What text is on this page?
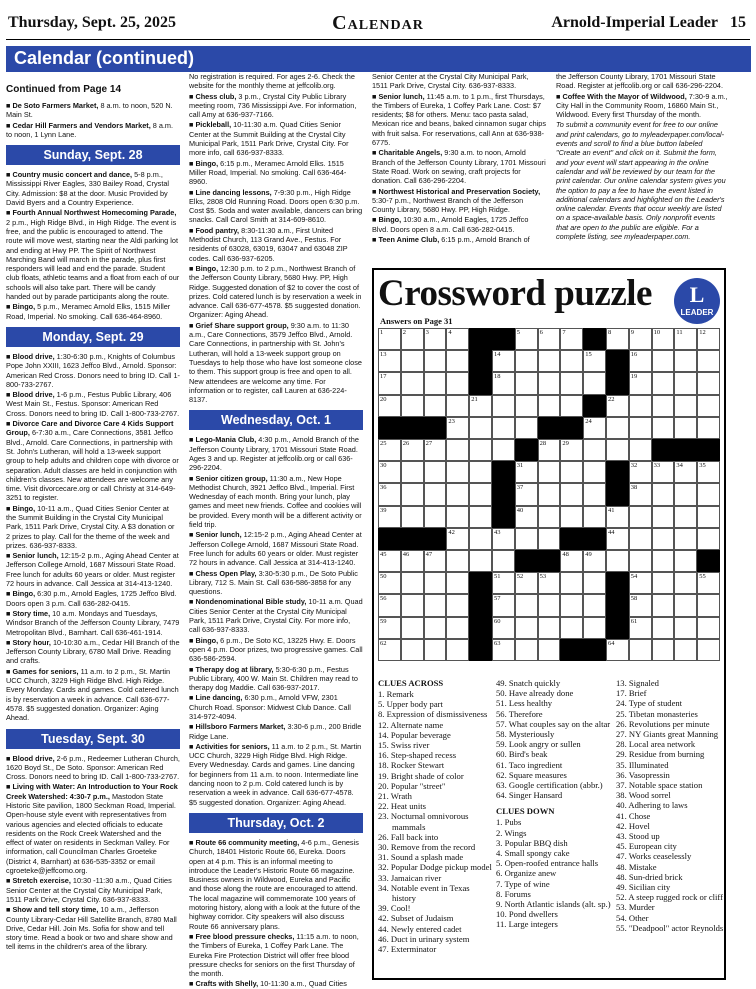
Thursday, Sept. 25, 2025	Calendar	Arnold-Imperial Leader 15
Calendar (continued)
Continued from Page 14

■ De Soto Farmers Market, 8 a.m. to noon, 520 N. Main St.

■ Cedar Hill Farmers and Vendors Market, 8 a.m. to noon, 1 Lynn Lane.

Sunday, Sept. 28

■ Country music concert and dance, 5-8 p.m., Mississippi River Eagles, 330 Bailey Road, Crystal City. Admission: $8 at the door. Music Provided by David Byers and a Country Experience.

■ Fourth Annual Northwest Homecoming Parade, 2 p.m., High Ridge Blvd., in High Ridge. The event is free, and the public is encouraged to attend. The route will move west, starting near the Aldi parking lot and ending at Hwy PP. The Spirit of Northwest Marching Band will march in the parade, plus first responders will lead and end the parade. Student club floats, athletic teams and a float from each of our schools will also take part. There will be candy handed out by parade participants along the route.

■ Bingo, 5 p.m., Meramec Arnold Elks, 1515 Miller Road, Imperial. No smoking. Call 636-464-8960.

Monday, Sept. 29

■ Blood drive, 1:30-6:30 p.m., Knights of Columbus Pope John XXIII, 1623 Jeffco Blvd., Arnold. Sponsor: American Red Cross. Donors need to bring ID. Call 1-800-733-2767.

■ Blood drive, 1-6 p.m., Festus Public Library, 406 West Main St., Festus. Sponsor: American Red Cross. Donors need to bring ID. Call 1-800-733-2767.

■ Divorce Care and Divorce Care 4 Kids Support Group, 6-7:30 a.m., Care Connections, 3581 Jeffco Blvd., Arnold. Care Connections, in partnership with St. John's Lutheran, will hold a 13-week support group to help adults and children cope with divorce or separation. Adult classes are held in conjunction with children's classes. New attendees are welcome any time. Visit divorcecare.org or call Christy at 314-649-3251 to register.

■ Bingo, 10-11 a.m., Quad Cities Senior Center at the Summit Building in the Crystal City Municipal Park, 1511 Park Drive, Crystal City. A $3 donation or 2 prizes to play. Call for the theme of the week and prizes. 636-937-8333.

■ Senior lunch, 12:15-2 p.m., Aging Ahead Center at Jefferson College Arnold, 1687 Missouri State Road. Free lunch for adults 60 years or older. Must register 72 hours in advance. Call Jessica at 314-413-1240.

■ Bingo, 6:30 p.m., Arnold Eagles, 1725 Jeffco Blvd. Doors open 3 p.m. Call 636-282-0415.

■ Story time, 10 a.m. Mondays and Tuesdays, Windsor Branch of the Jefferson County Library, 7479 Metropolitan Blvd., Barnhart. Call 636-461-1914.

■ Story hour, 10-10:30 a.m., Cedar Hill Branch of the Jefferson County Library, 6780 Mall Drive. Reading and crafts.

■ Games for seniors, 11 a.m. to 2 p.m., St. Martin UCC Church, 3229 High Ridge Blvd. High Ridge. Every Monday. Cards and games. Cold catered lunch is by reservation a week in advance. Call 636-677-4578. $5 suggested donation. Organizer: Aging Ahead.

Tuesday, Sept. 30

■ Blood drive, 2-6 p.m., Redeemer Lutheran Church, 1620 Boyd St., De Soto. Sponsor: American Red Cross. Donors need to bring ID. Call 1-800-733-2767.

■ Living with Water: An Introduction to Your Rock Creek Watershed: 4:30-7 p.m., Mastodon State Historic Site pavilion, 1800 Seckman Road, Imperial. Open-house style event with representatives from various agencies and elected officials to educate residents on the Rock Creek Watershed and the effect of water on residents in Seckman Valley. For information, call Councilman Charles Groeteke (District 4, Barnhart) at 636-535-3352 or email cgroeteke@jeffcomo.org.

■ Stretch exercise, 10:30 -11:30 a.m., Quad Cities Senior Center at the Crystal City Municipal Park, 1511 Park Drive, Crystal City. 636-937-8333.

■ Show and tell story time, 10 a.m., Jefferson County Library-Cedar Hill Satellite Branch, 8780 Mall Drive, Cedar Hill. Join Ms. Sofia for show and tell story time. Read a book or two and share show and tell items in the children's area of the library.

No registration is required. For ages 2-6. Check the website for the monthly theme at jeffcolib.org.

■ Chess club, 3 p.m., Crystal City Public Library meeting room, 736 Mississippi Ave. For information, call Amy at 636-937-7166.

■ Pickleball, 10-11:30 a.m. Quad Cities Senior Center at the Summit Building at the Crystal City Municipal Park, 1511 Park Drive, Crystal City. For more info, call 636-937-8333.

■ Bingo, 6:15 p.m., Meramec Arnold Elks. 1515 Miller Road, Imperial. No smoking. Call 636-464-8960.

■ Line dancing lessons, 7-9:30 p.m., High Ridge Elks, 2808 Old Running Road. Doors open 6:30 p.m. Cost $5. Soda and water available, dancers can bring snacks. Call Carol Smith at 314-609-8610.

■ Food pantry, 8:30-11:30 a.m., First United Methodist Church, 113 Grand Ave., Festus. For residents of 63028, 63019, 63047 and 63048 ZIP codes. Call 636-937-6205.

■ Bingo, 12:30 p.m. to 2 p.m., Northwest Branch of the Jefferson County Library, 5680 Hwy. PP, High Ridge. Suggested donation of $2 to cover the cost of prizes. Cold catered lunch is by reservation a week in advance. Call 636-677-4578. $5 suggested donation. Organizer: Aging Ahead.

■ Grief Share support group, 9:30 a.m. to 11:30 a.m., Care Connections, 3579 Jeffco Blvd., Arnold. Care Connections, in partnership with St. John's Lutheran, will hold a 13-week support group on Tuesdays to help those who have lost someone close to them. This support group is free and open to all. New attendees are welcome any time. For information or to register, call Lauren at 636-224-8137.

Wednesday, Oct. 1

■ Lego-Mania Club, 4:30 p.m., Arnold Branch of the Jefferson County Library, 1701 Missouri State Road. Ages 3 and up. Register at jeffcolib.org or call 636-296-2204.

■ Senior citizen group, 11:30 a.m., New Hope Methodist Church, 3921 Jeffco Blvd., Imperial. First Wednesday of each month. Bring your lunch, play games and meet new friends. Coffee and cookies will be provided. Every month will be a different activity or field trip.

■ Senior lunch, 12:15-2 p.m., Aging Ahead Center at Jefferson College Arnold, 1687 Missouri State Road. Free lunch for adults 60 years or older. Must register 72 hours in advance. Call Jessica at 314-413-1240.

■ Chess Open Play, 3:30-5:30 p.m., De Soto Public Library, 712 S. Main St. Call 636-586-3858 for any questions.

■ Nondenominational Bible study, 10-11 a.m. Quad Cities Senior Center at the Crystal City Municipal Park, 1511 Park Drive, Crystal City. For more info, call 636-937-8333.

■ Bingo, 6 p.m., De Soto KC, 13225 Hwy. E. Doors open 4 p.m. Door prizes, two progressive games. Call 636-586-2594.

■ Therapy dog at library, 5:30-6:30 p.m., Festus Public Library, 400 W. Main St. Children may read to therapy dog Maddie. Call 636-937-2017.

■ Line dancing, 6:30 p.m., Arnold VFW, 2301 Church Road. Sponsor: Midwest Club Dance. Call 314-972-4094.

■ Hillsboro Farmers Market, 3:30-6 p.m., 200 Bridle Ridge Lane.

■ Activities for seniors, 11 a.m. to 2 p.m., St. Martin UCC Church, 3229 High Ridge Blvd. High Ridge. Every Wednesday. Cards and games. Line dancing for beginners from 11 a.m. to noon. Intermediate line dancing noon to 2 p.m. Cold catered lunch is by reservation a week in advance. Call 636-677-4578. $5 suggested donation. Organizer: Aging Ahead.

Thursday, Oct. 2

■ Route 66 community meeting, 4-6 p.m., Genesis Church, 18401 Historic Route 66, Eureka. Doors open at 4 p.m. This is an informal meeting to introduce the Leader's Historic Route 66 magazine. Business owners in Wildwood, Eureka and Pacific and those along the route are encouraged to attend. The local magazine will commemorate 100 years of motoring history, along with a look at the future of the highway corridor. City speakers will also discuss Route 66 anniversary plans.

■ Free blood pressure checks, 11:15 a.m. to noon, the Timbers of Eureka, 1 Coffey Park Lane. The Eureka Fire Protection District will offer free blood pressure checks for seniors on the first Thursday of the month.

■ Crafts with Shelly, 10-11:30 a.m., Quad Cities

Senior Center at the Crystal City Municipal Park, 1511 Park Drive, Crystal City. 636-937-8333.

■ Senior lunch, 11:45 a.m. to 1 p.m., first Thursdays, the Timbers of Eureka, 1 Coffey Park Lane. Cost: $7 residents; $8 for others. Menu: taco pasta salad, Mexican rice and beans, baked cinnamon sugar chips with fruit salsa. For reservations, call Ann at 636-938-6775.

■ Charitable Angels, 9:30 a.m. to noon, Arnold Branch of the Jefferson County Library, 1701 Missouri State Road. Work on sewing, craft projects for donation. Call 636-296-2204.

■ Northwest Historical and Preservation Society, 5:30-7 p.m., Northwest Branch of the Jefferson County Library, 5680 Hwy. PP, High Ridge.

■ Bingo, 10:30 a.m., Arnold Eagles, 1725 Jeffco Blvd. Doors open 8 a.m. Call 636-282-0415.

■ Teen Anime Club, 6:15 p.m., Arnold Branch of

the Jefferson County Library, 1701 Missouri State Road. Register at jeffcolib.org or call 636-296-2204.

■ Coffee With the Mayor of Wildwood, 7:30-9 a.m., City Hall in the Community Room, 16860 Main St., Wildwood. Every first Thursday of the month.

To submit a community event for free to our online and print calendars, go to myleaderpaper.com/local-events and scroll to find a blue button labeled "Create an event" and click on it. Submit the form, and your event will start appearing in the online calendar and will be reviewed by our team for the print calendar. Our online calendar system gives you the option to pay a fee to have the event listed in additional calendars and highlighted on the Leader's online calendar. Events that occur weekly are listed on a space-available basis. Only nonprofit events that are open to the public are eligible. For a complete listing, see myleaderpaper.com.

Crossword puzzle
Answers on Page 31
L
LEADER
1	2	3	4	5	6	7	8	9	10	11	12
13	14	15	16
17	18	19
20	21	22
23	24
25	26	27	28	29
30	31	32	33	34	35
36	37	38
39	40	41
42	43	44
45	46	47	48	49
50	51	52	53	54	55
56	57	58
59	60	61
62	63	64
CLUES ACROSS
1. Remark
5. Upper body part
8. Expression of dismissiveness
12. Alternate name
14. Popular beverage
15. Swiss river
16. Step-shaped recess
18. Rocker Stewart
19. Bright shade of color
20. Popular "street"
21. Wrath
22. Heat units
23. Nocturnal omnivorous mammals
26. Fall back into
30. Remove from the record
31. Sound a splash made
32. Popular Dodge pickup model
33. Jamaican river
34. Notable event in Texas history
39. Cool!
42. Subset of Judaism
44. Newly entered cadet
46. Duct in urinary system
47. Exterminator
49. Snatch quickly
50. Have already done
51. Less healthy
56. Therefore
57. What couples say on the altar
58. Mysteriously
59. Look angry or sullen
60. Bird's beak
61. Taco ingredient
62. Square measures
63. Google certification (abbr.)
64. Singer Hansard
CLUES DOWN
1. Pubs
2. Wings
3. Popular BBQ dish
4. Small spongy cake
5. Open-roofed entrance halls
6. Organize anew
7. Type of wine
8. Forums
9. North Atlantic islands (alt. sp.)
10. Pond dwellers
11. Large integers
13. Signaled
17. Brief
24. Type of student
25. Tibetan monasteries
26. Revolutions per minute
27. NY Giants great Manning
28. Local area network
29. Residue from burning
35. Illuminated
36. Vasopressin
37. Notable space station
38. Wood sorrel
40. Adhering to laws
41. Chose
42. Hovel
43. Stood up
45. European city
47. Works ceaselessly
48. Mistake
48. Sun-dried brick
49. Sicilian city
52. A steep rugged rock or cliff
53. Murder
54. Other
55. "Deadpool" actor Reynolds
